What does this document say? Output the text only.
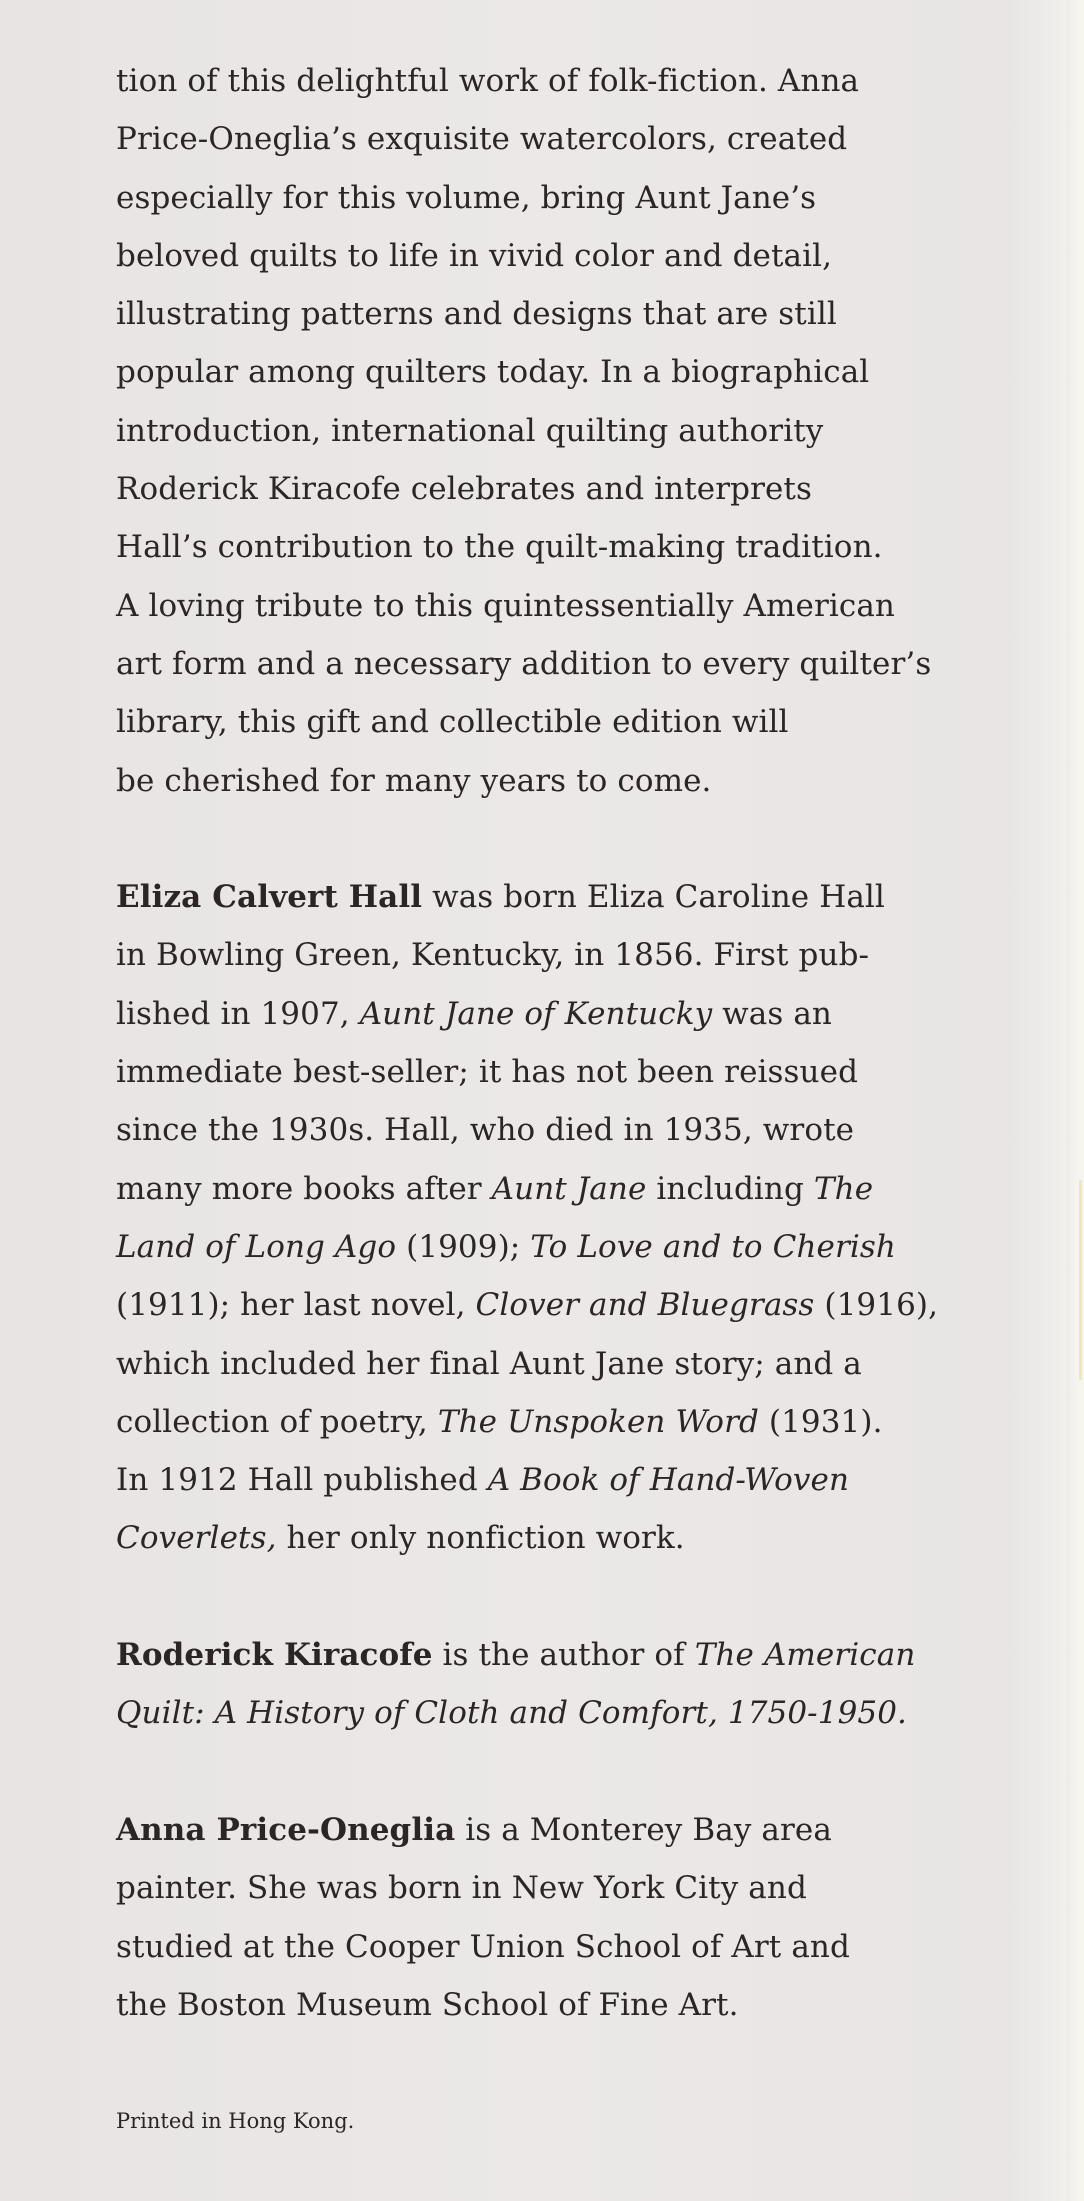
tion of this delightful work of folk-fiction. Anna
Price-Oneglia’s exquisite watercolors, created
especially for this volume, bring Aunt Jane’s
beloved quilts to life in vivid color and detail,
illustrating patterns and designs that are still
popular among quilters today. In a biographical
introduction, international quilting authority
Roderick Kiracofe celebrates and interprets
Hall’s contribution to the quilt-making tradition.
A loving tribute to this quintessentially American
art form and a necessary addition to every quilter’s
library, this gift and collectible edition will
be cherished for many years to come.
Eliza Calvert Hall was born Eliza Caroline Hall
in Bowling Green, Kentucky, in 1856. First pub-
lished in 1907, Aunt Jane of Kentucky was an
immediate best-seller; it has not been reissued
since the 1930s. Hall, who died in 1935, wrote
many more books after Aunt Jane including The
Land of Long Ago (1909); To Love and to Cherish
(1911); her last novel, Clover and Bluegrass (1916),
which included her final Aunt Jane story; and a
collection of poetry, The Unspoken Word (1931).
In 1912 Hall published A Book of Hand-Woven
Coverlets, her only nonfiction work.
Roderick Kiracofe is the author of The American
Quilt: A History of Cloth and Comfort, 1750-1950.
Anna Price-Oneglia is a Monterey Bay area
painter. She was born in New York City and
studied at the Cooper Union School of Art and
the Boston Museum School of Fine Art.
Printed in Hong Kong.
